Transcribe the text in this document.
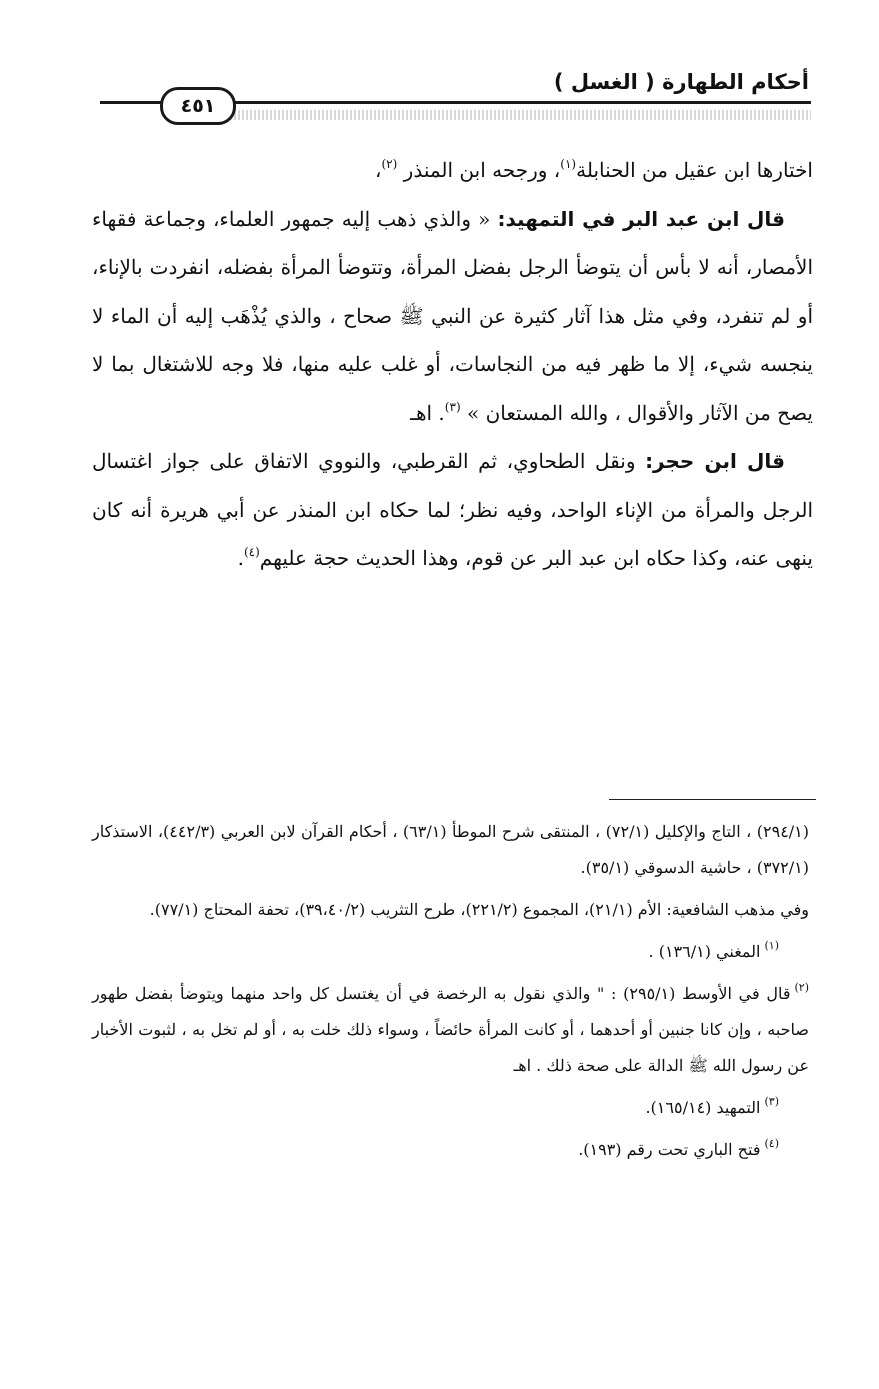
أحكام الطهارة ( الغسل )
٤٥١

اختارها ابن عقيل من الحنابلة$^{(١)}$، ورجحه ابن المنذر $^{(٢)}$،

قال ابن عبد البر في التمهيد: « والذي ذهب إليه جمهور العلماء، وجماعة فقهاء الأمصار، أنه لا بأس أن يتوضأ الرجل بفضل المرأة، وتتوضأ المرأة بفضله، انفردت بالإناء، أو لم تنفرد، وفي مثل هذا آثار كثيرة عن النبي ﷺ صحاح ، والذي يُذْهَب إليه أن الماء لا ينجسه شيء، إلا ما ظهر فيه من النجاسات، أو غلب عليه منها، فلا وجه للاشتغال بما لا يصح من الآثار والأقوال ، والله المستعان » $^{(٣)}$. اهـ

قال ابن حجر: ونقل الطحاوي، ثم القرطبي، والنووي الاتفاق على جواز اغتسال الرجل والمرأة من الإناء الواحد، وفيه نظر؛ لما حكاه ابن المنذر عن أبي هريرة أنه كان ينهى عنه، وكذا حكاه ابن عبد البر عن قوم، وهذا الحديث حجة عليهم$^{(٤)}$.

(٢٩٤/١) ، التاج والإكليل (٧٢/١) ، المنتقى شرح الموطأ (٦٣/١) ، أحكام القرآن لابن العربي (٤٤٢/٣)، الاستذكار (٣٧٢/١) ، حاشية الدسوقي (٣٥/١).

وفي مذهب الشافعية: الأم (٢١/١)، المجموع (٢٢١/٢)، طرح التثريب (٣٩،٤٠/٢)، تحفة المحتاج (٧٧/١).

$^{(١)}$المغني (١٣٦/١) .

$^{(٢)}$قال في الأوسط (٢٩٥/١) : " والذي نقول به الرخصة في أن يغتسل كل واحد منهما ويتوضأ بفضل طهور صاحبه ، وإن كانا جنبين أو أحدهما ، أو كانت المرأة حائضاً ، وسواء ذلك خلت به ، أو لم تخل به ، لثبوت الأخبار عن رسول الله ﷺ الدالة على صحة ذلك . اهـ

$^{(٣)}$التمهيد (١٦٥/١٤).

$^{(٤)}$فتح الباري تحت رقم (١٩٣).
